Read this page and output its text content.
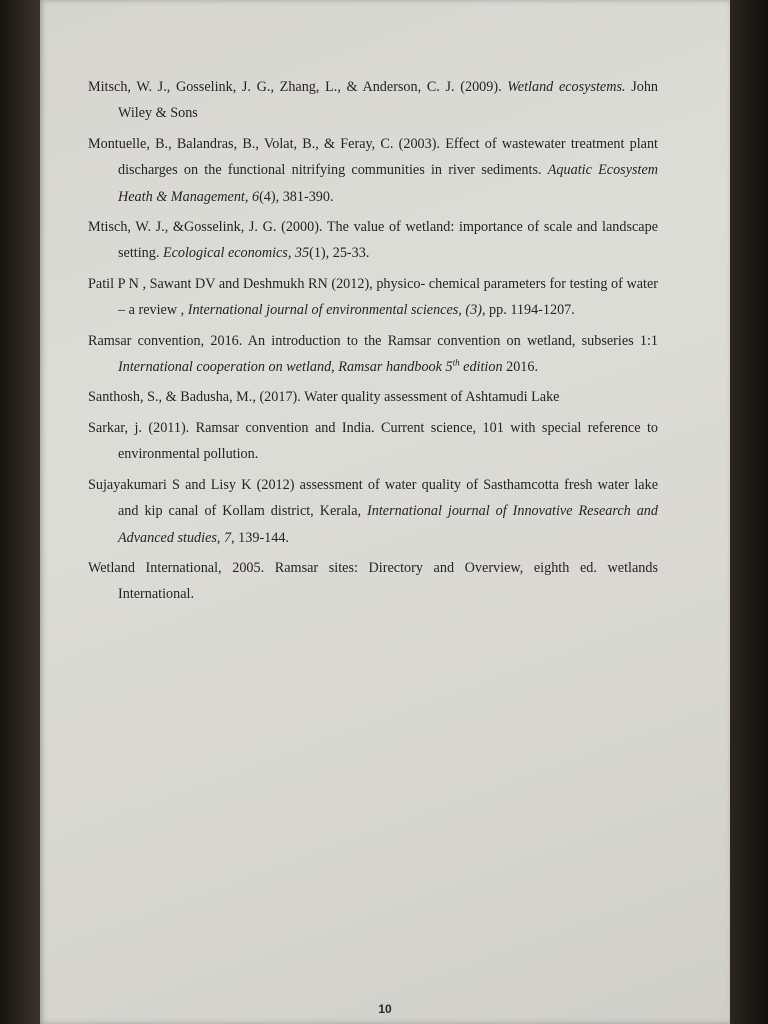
Mitsch, W. J., Gosselink, J. G., Zhang, L., & Anderson, C. J. (2009). Wetland ecosystems. John Wiley & Sons

Montuelle, B., Balandras, B., Volat, B., & Feray, C. (2003). Effect of wastewater treatment plant discharges on the functional nitrifying communities in river sediments. Aquatic Ecosystem Heath & Management, 6(4), 381-390.

Mtisch, W. J., &Gosselink, J. G. (2000). The value of wetland: importance of scale and landscape setting. Ecological economics, 35(1), 25-33.

Patil P N , Sawant DV and Deshmukh RN (2012), physico- chemical parameters for testing of water – a review , International journal of environmental sciences, (3), pp. 1194-1207.

Ramsar convention, 2016. An introduction to the Ramsar convention on wetland, subseries 1:1 International cooperation on wetland, Ramsar handbook 5th edition 2016.

Santhosh, S., & Badusha, M., (2017). Water quality assessment of Ashtamudi Lake

Sarkar, j. (2011). Ramsar convention and India. Current science, 101 with special reference to environmental pollution.

Sujayakumari S and Lisy K (2012) assessment of water quality of Sasthamcotta fresh water lake and kip canal of Kollam district, Kerala, International journal of Innovative Research and Advanced studies, 7, 139-144.

Wetland International, 2005. Ramsar sites: Directory and Overview, eighth ed. wetlands International.

10
